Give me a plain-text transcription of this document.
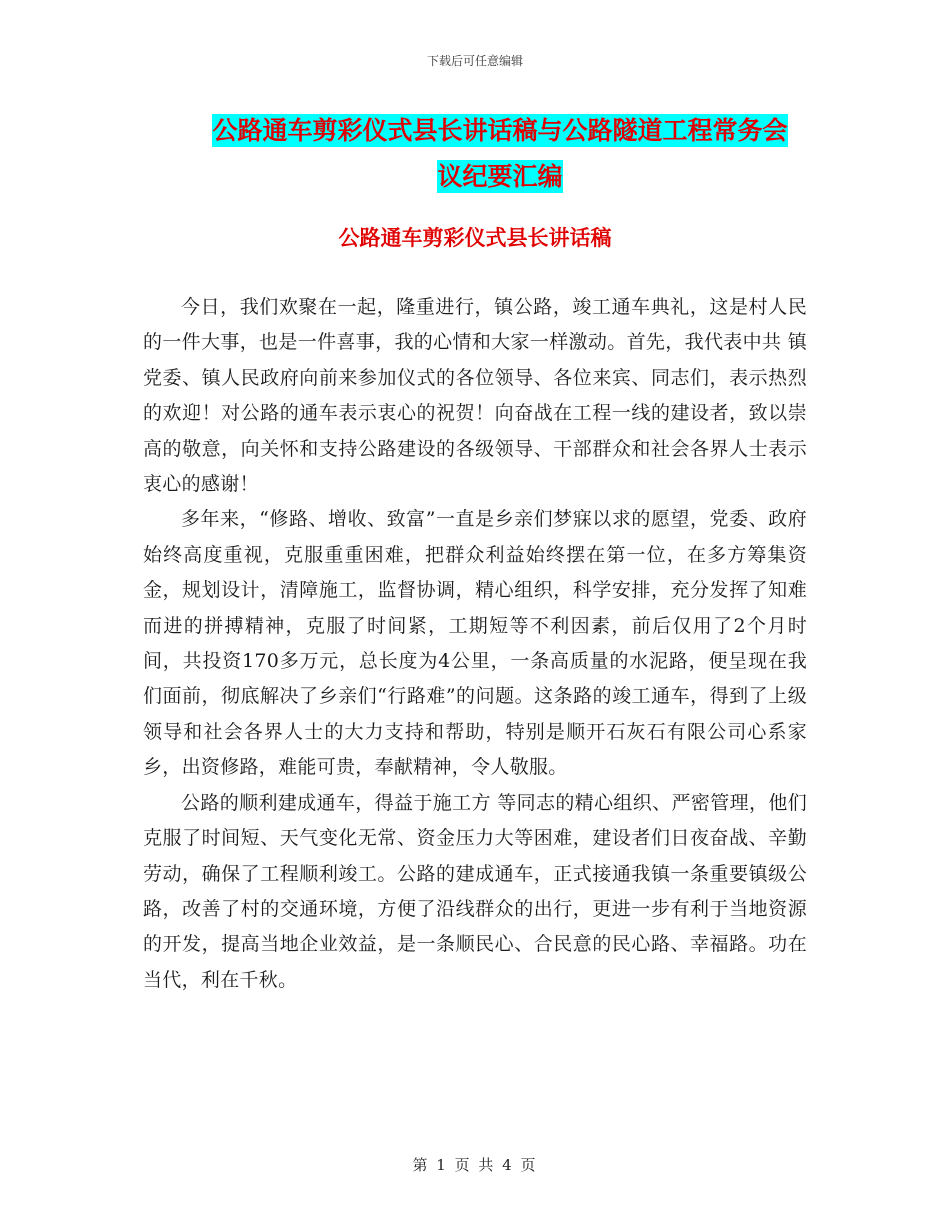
下载后可任意编辑
公路通车剪彩仪式县长讲话稿与公路隧道工程常务会
议纪要汇编
公路通车剪彩仪式县长讲话稿

今日，我们欢聚在一起，隆重进行，镇公路，竣工通车典礼，这是村人民的一件大事，也是一件喜事，我的心情和大家一样激动。首先，我代表中共 镇党委、镇人民政府向前来参加仪式的各位领导、各位来宾、同志们，表示热烈的欢迎！对公路的通车表示衷心的祝贺！向奋战在工程一线的建设者，致以崇高的敬意，向关怀和支持公路建设的各级领导、干部群众和社会各界人士表示衷心的感谢！

多年来，“修路、增收、致富”一直是乡亲们梦寐以求的愿望，党委、政府始终高度重视，克服重重困难，把群众利益始终摆在第一位，在多方筹集资金，规划设计，清障施工，监督协调，精心组织，科学安排，充分发挥了知难而进的拼搏精神，克服了时间紧，工期短等不利因素，前后仅用了2个月时间，共投资170多万元，总长度为4公里，一条高质量的水泥路，便呈现在我们面前，彻底解决了乡亲们“行路难”的问题。这条路的竣工通车，得到了上级领导和社会各界人士的大力支持和帮助，特别是顺开石灰石有限公司心系家乡，出资修路，难能可贵，奉献精神，令人敬服。

公路的顺利建成通车，得益于施工方 等同志的精心组织、严密管理，他们克服了时间短、天气变化无常、资金压力大等困难，建设者们日夜奋战、辛勤劳动，确保了工程顺利竣工。公路的建成通车，正式接通我镇一条重要镇级公路，改善了村的交通环境，方便了沿线群众的出行，更进一步有利于当地资源的开发，提高当地企业效益，是一条顺民心、合民意的民心路、幸福路。功在当代，利在千秋。

第 1 页 共 4 页
